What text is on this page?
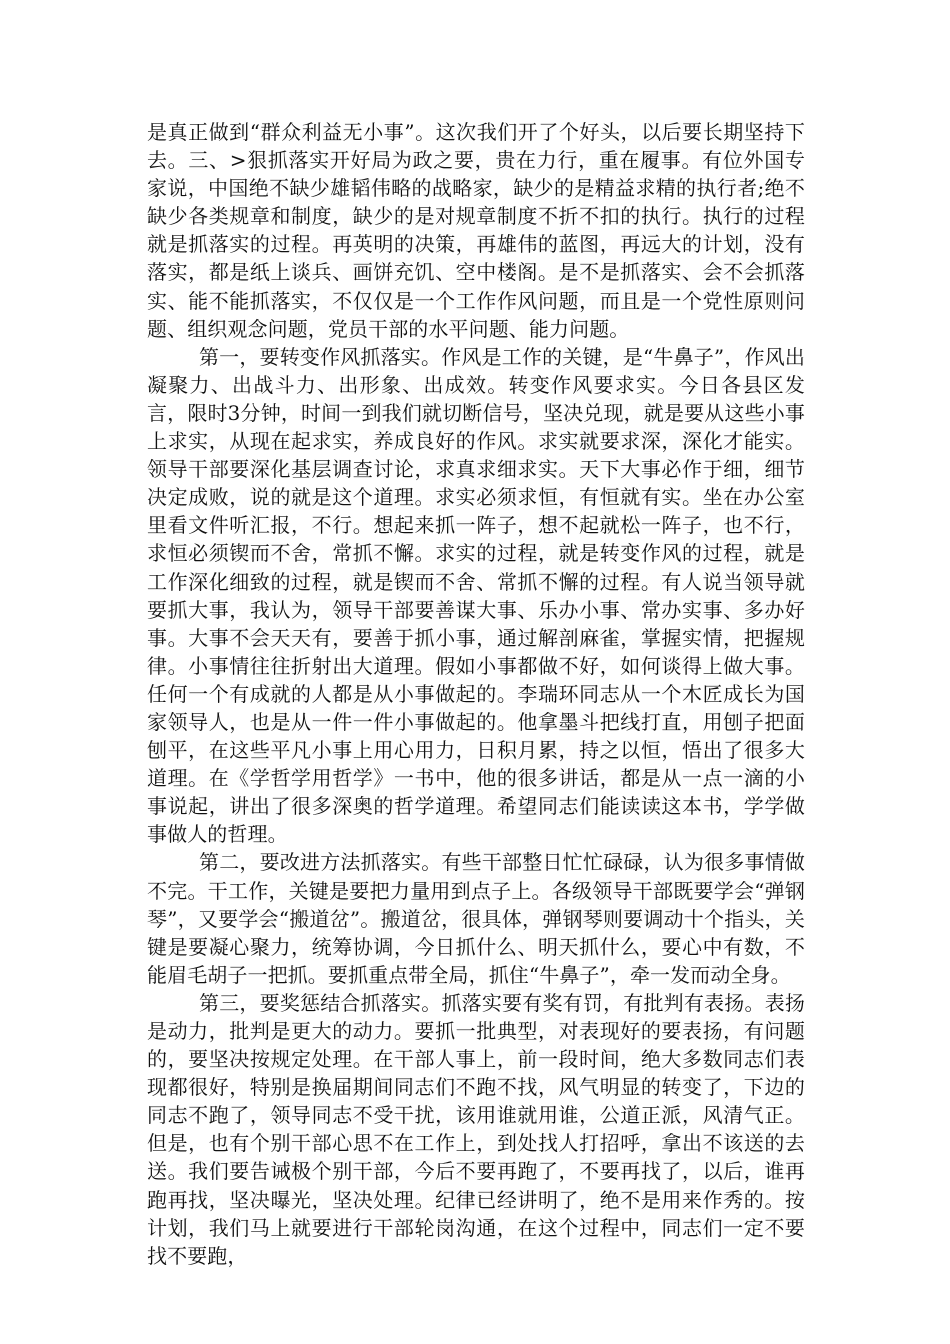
是真正做到“群众利益无小事”。这次我们开了个好头，以后要长期坚持下去。三、>狠抓落实开好局为政之要，贵在力行，重在履事。有位外国专家说，中国绝不缺少雄韬伟略的战略家，缺少的是精益求精的执行者;绝不缺少各类规章和制度，缺少的是对规章制度不折不扣的执行。执行的过程就是抓落实的过程。再英明的决策，再雄伟的蓝图，再远大的计划，没有落实，都是纸上谈兵、画饼充饥、空中楼阁。是不是抓落实、会不会抓落实、能不能抓落实，不仅仅是一个工作作风问题，而且是一个党性原则问题、组织观念问题，党员干部的水平问题、能力问题。

第一，要转变作风抓落实。作风是工作的关键，是“牛鼻子”，作风出凝聚力、出战斗力、出形象、出成效。转变作风要求实。今日各县区发言，限时3分钟，时间一到我们就切断信号，坚决兑现，就是要从这些小事上求实，从现在起求实，养成良好的作风。求实就要求深，深化才能实。领导干部要深化基层调查讨论，求真求细求实。天下大事必作于细，细节决定成败，说的就是这个道理。求实必须求恒，有恒就有实。坐在办公室里看文件听汇报，不行。想起来抓一阵子，想不起就松一阵子，也不行，求恒必须锲而不舍，常抓不懈。求实的过程，就是转变作风的过程，就是工作深化细致的过程，就是锲而不舍、常抓不懈的过程。有人说当领导就要抓大事，我认为，领导干部要善谋大事、乐办小事、常办实事、多办好事。大事不会天天有，要善于抓小事，通过解剖麻雀，掌握实情，把握规律。小事情往往折射出大道理。假如小事都做不好，如何谈得上做大事。任何一个有成就的人都是从小事做起的。李瑞环同志从一个木匠成长为国家领导人，也是从一件一件小事做起的。他拿墨斗把线打直，用刨子把面刨平，在这些平凡小事上用心用力，日积月累，持之以恒，悟出了很多大道理。在《学哲学用哲学》一书中，他的很多讲话，都是从一点一滴的小事说起，讲出了很多深奥的哲学道理。希望同志们能读读这本书，学学做事做人的哲理。

第二，要改进方法抓落实。有些干部整日忙忙碌碌，认为很多事情做不完。干工作，关键是要把力量用到点子上。各级领导干部既要学会“弹钢琴”，又要学会“搬道岔”。搬道岔，很具体，弹钢琴则要调动十个指头，关键是要凝心聚力，统筹协调，今日抓什么、明天抓什么，要心中有数，不能眉毛胡子一把抓。要抓重点带全局，抓住“牛鼻子”，牵一发而动全身。

第三，要奖惩结合抓落实。抓落实要有奖有罚，有批判有表扬。表扬是动力，批判是更大的动力。要抓一批典型，对表现好的要表扬，有问题的，要坚决按规定处理。在干部人事上，前一段时间，绝大多数同志们表现都很好，特别是换届期间同志们不跑不找，风气明显的转变了，下边的同志不跑了，领导同志不受干扰，该用谁就用谁，公道正派，风清气正。但是，也有个别干部心思不在工作上，到处找人打招呼，拿出不该送的去送。我们要告诫极个别干部，今后不要再跑了，不要再找了，以后，谁再跑再找，坚决曝光，坚决处理。纪律已经讲明了，绝不是用来作秀的。按计划，我们马上就要进行干部轮岗沟通，在这个过程中，同志们一定不要找不要跑，
